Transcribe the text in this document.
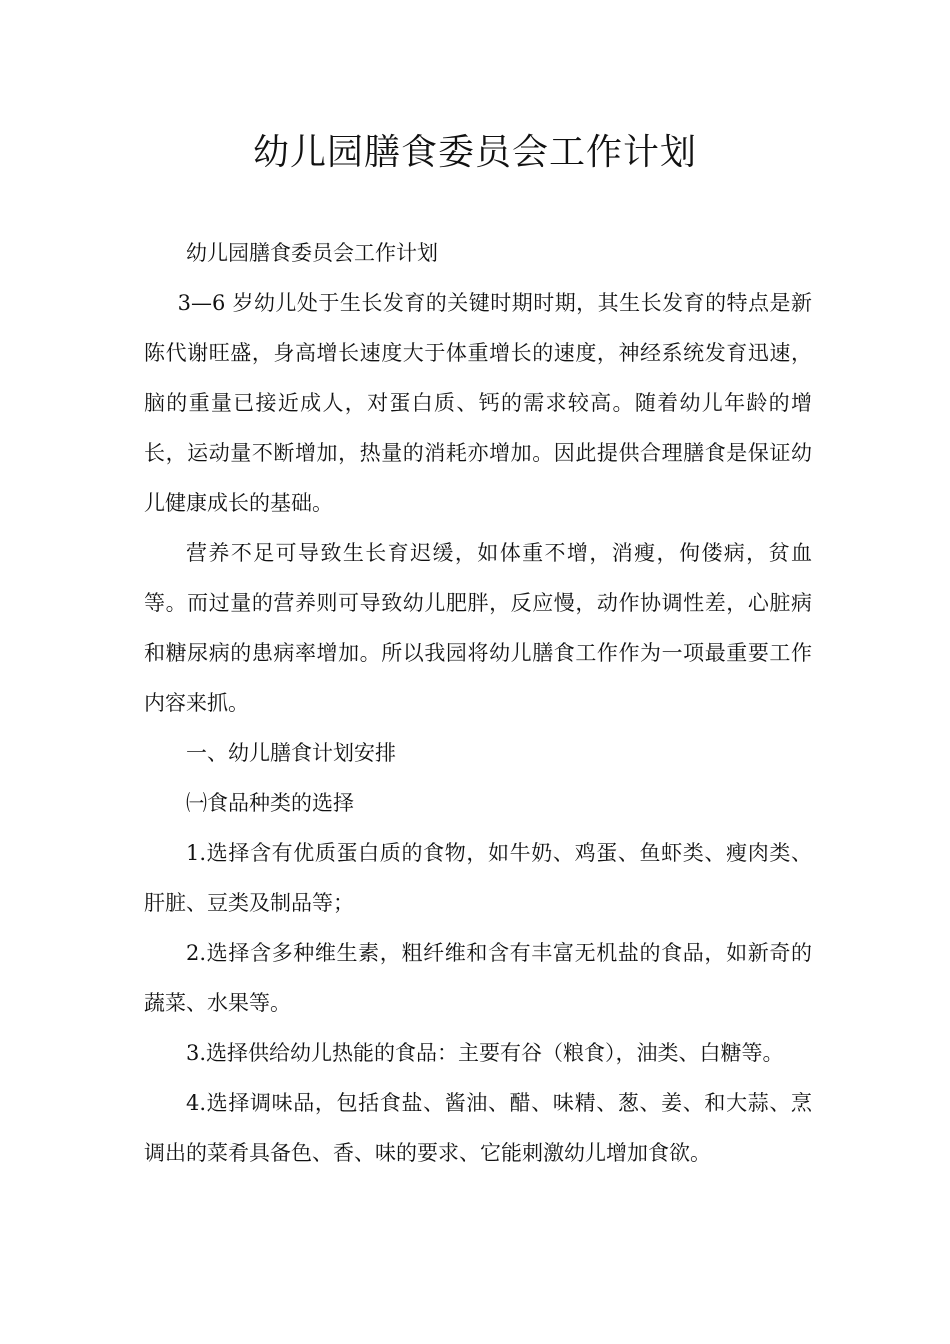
幼儿园膳食委员会工作计划

幼儿园膳食委员会工作计划

3—6 岁幼儿处于生长发育的关键时期时期，其生长发育的特点是新陈代谢旺盛，身高增长速度大于体重增长的速度，神经系统发育迅速，脑的重量已接近成人，对蛋白质、钙的需求较高。随着幼儿年龄的增长，运动量不断增加，热量的消耗亦增加。因此提供合理膳食是保证幼儿健康成长的基础。

营养不足可导致生长育迟缓，如体重不增，消瘦，佝偻病，贫血等。而过量的营养则可导致幼儿肥胖，反应慢，动作协调性差，心脏病和糖尿病的患病率增加。所以我园将幼儿膳食工作作为一项最重要工作内容来抓。

一、幼儿膳食计划安排

㈠食品种类的选择

1.选择含有优质蛋白质的食物，如牛奶、鸡蛋、鱼虾类、瘦肉类、肝脏、豆类及制品等；

2.选择含多种维生素，粗纤维和含有丰富无机盐的食品，如新奇的蔬菜、水果等。

3.选择供给幼儿热能的食品：主要有谷（粮食），油类、白糖等。

4.选择调味品，包括食盐、酱油、醋、味精、葱、姜、和大蒜、烹调出的菜肴具备色、香、味的要求、它能刺激幼儿增加食欲。
